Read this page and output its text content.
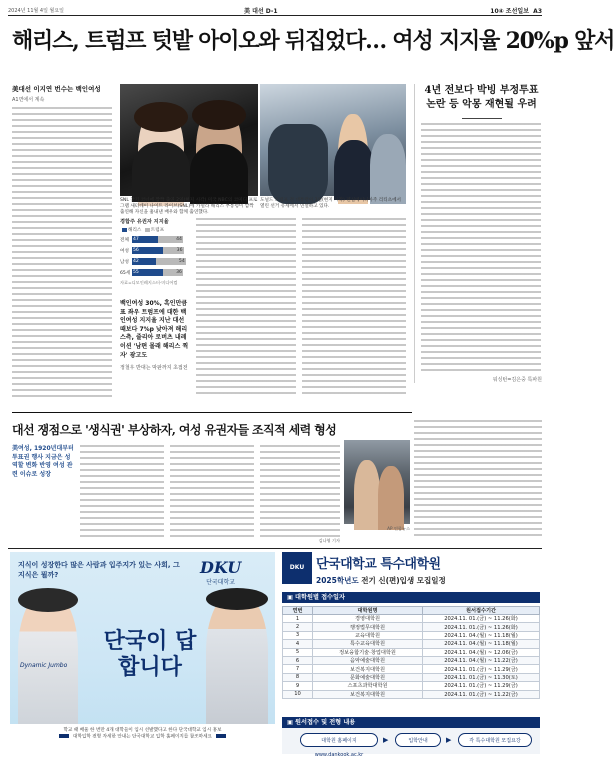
2024년 11월 4일 월요일	美 대선 D-1	10④ 조선일보 A3
해리스, 트럼프 텃밭 아이오와 뒤집었다… 여성 지지율 20%p 앞서
美대선 이지연 번수는 백인여성
A1면에서 계속
SNL 찾기 코너에 깜짝 출연 2일(현지 시각) 미국 NBC의 코미디 프로그램 새터데이 나이트 라이브(SNL)에 카멀라 해리스 부통령이 깜짝 출연해 자신을 흉내낸 배우와 함께 출연했다.
도널드 트럼프 전 대통령이 3일(현지 시각) 펜실베이니아주 리티츠에서 열린 선거 유세에서 연설하고 있다.
경합주 유권자 지지율
해리스 트럼프
전체 47	44
여성 56	36
남성 42	54
65세 55	36
자료=디모인레지스터·미디어컴
백인여성 30%, 흑인만큼 표 좌우 트럼프에 대한 백인여성 지지율 지난 대선 때보다 7%p 낮아져 해리스측, 줄리아 로버츠 내레이션 '남편 몰래 해리스 찍자' 광고도
정철우 반대는 막판까지 초접전
4년 전보다 박빙 부정투표 논란 등 악몽 재현될 우려
워싱턴=김은중 특파원
대선 쟁점으로 '생식권' 부상하자, 여성 유권자들 조직적 세력 형성
美여성, 1920년대부터 투표권 행사 지금은 성 역할 변화 반영 여성 관련 이슈로 성장
AP 연합뉴스
김나영 기자
지식이 성장한다 많은 사람과 입주지가 있는 사회, 그 지식은 뭘까?	DKU
단국대학교
단국이 답합니다
Dynamic Jumbo
학교 때 배울 한 번만 4개 대학들이 입시 선발했다고 한다 단국대학교 입시 홍보
대학입학 전형 자세한 안내는 단국대학교 입학 홈페이지를 참조하세요
DKU 단국대학교 특수대학원
2025학년도 전기 신(편)입생 모집일정
▣ 대학원별 접수일자
연번	대학원명	원서접수기간
1	경영대학원	2024.11. 01.(금) ~ 11.26(화)
2	행정법무대학원	2024.11. 01.(금) ~ 11.26(화)
3	교육대학원	2024.11. 04.(월) ~ 11.18(월)
4	특수교육대학원	2024.11. 04.(월) ~ 11.18(월)
5	정보융합기술·창업대학원	2024.11. 04.(월) ~ 12.06(금)
6	음악예술대학원	2024.11. 04.(월) ~ 11.22(금)
7	보건복지대학원	2024.11. 01.(금) ~ 11.29(금)
8	문화예술대학원	2024.11. 01.(금) ~ 11.30(토)
9	스포츠과학대학원	2024.11. 01.(금) ~ 11.29(금)
10	보건복지대학원	2024.11. 01.(금) ~ 11.22(금)
▣ 원서접수 및 전형 내용
대학원 홈페이지 www.dankook.ac.kr
▶	입학안내	▶	각 특수대학원 모집요강
